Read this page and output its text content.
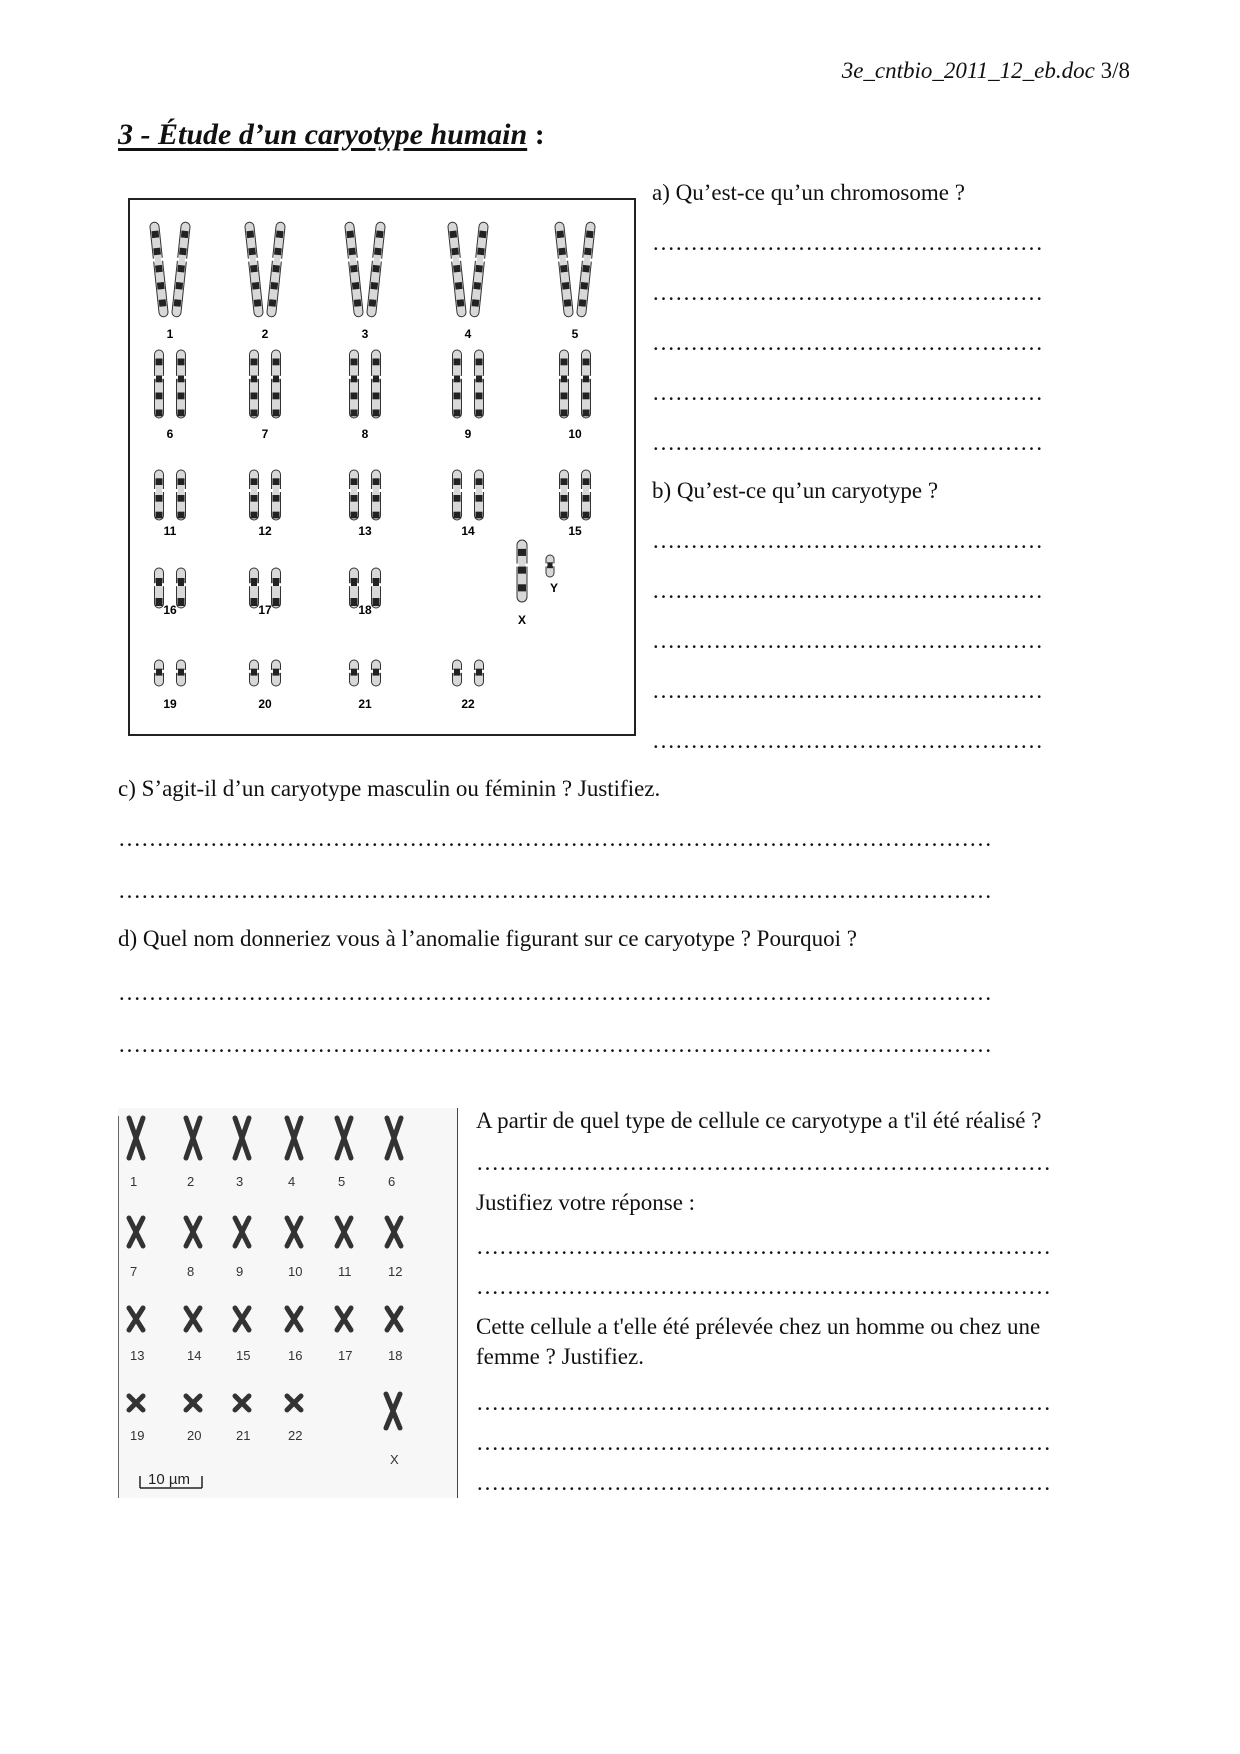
3e_cntbio_2011_12_eb.doc 3/8
3 - Étude d’un caryotype humain :
1	2	3	4	5
6	7	8	9	10
11	12	13	14	15
16	17	18
19	20	21	22
X
Y
a) Qu’est-ce qu’un chromosome ?
……………………………………………
……………………………………………
……………………………………………
……………………………………………
……………………………………………
b) Qu’est-ce qu’un caryotype ?
……………………………………………
……………………………………………
……………………………………………
……………………………………………
……………………………………………
c) S’agit-il d’un caryotype masculin ou féminin ? Justifiez.
……………………………………………………………………………………………………
……………………………………………………………………………………………………
d) Quel nom donneriez vous à l’anomalie figurant sur ce caryotype ? Pourquoi ?
……………………………………………………………………………………………………
……………………………………………………………………………………………………
1	2	3	4	5	6
7	8	9	10	11	12
13	14	15	16	17	18
19	20	21	22
X
10 µm
A partir de quel type de cellule ce caryotype a t'il été réalisé ?
…………………………………………………………………
Justifiez votre réponse :
…………………………………………………………………
…………………………………………………………………
Cette cellule a t'elle été prélevée chez un homme ou chez une
femme ? Justifiez.
…………………………………………………………………
…………………………………………………………………
…………………………………………………………………
